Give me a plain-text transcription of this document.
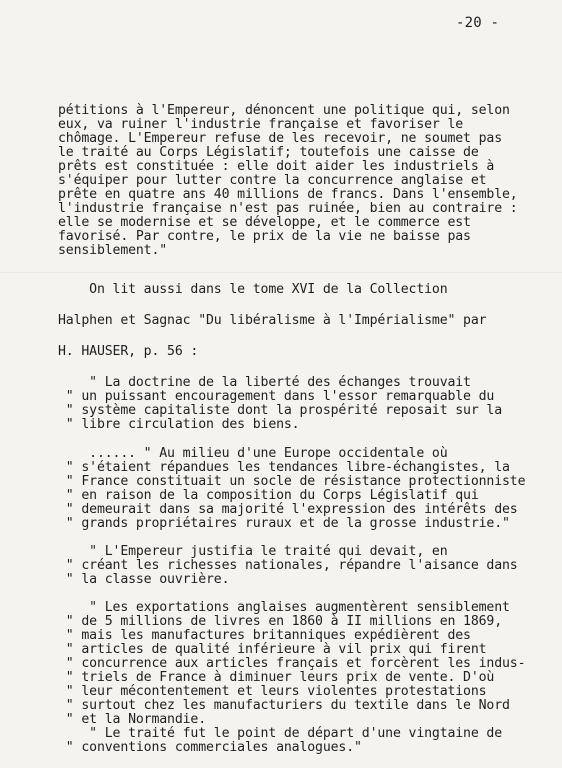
-20 -
pétitions à l'Empereur, dénoncent une politique qui, selon
eux, va ruiner l'industrie française et favoriser le
chômage. L'Empereur refuse de les recevoir, ne soumet pas
le traité au Corps Législatif; toutefois une caisse de
prêts est constituée : elle doit aider les industriels à
s'équiper pour lutter contre la concurrence anglaise et
prête en quatre ans 40 millions de francs. Dans l'ensemble,
l'industrie française n'est pas ruinée, bien au contraire :
elle se modernise et se développe, et le commerce est
favorisé. Par contre, le prix de la vie ne baisse pas
sensiblement."
On lit aussi dans le tome XVI de la Collection
Halphen et Sagnac "Du libéralisme à l'Impérialisme" par
H. HAUSER, p. 56 :
" La doctrine de la liberté des échanges trouvait
" un puissant encouragement dans l'essor remarquable du
" système capitaliste dont la prospérité reposait sur la
" libre circulation des biens.
...... " Au milieu d'une Europe occidentale où
" s'étaient répandues les tendances libre-échangistes, la
" France constituait un socle de résistance protectionniste
" en raison de la composition du Corps Législatif qui
" demeurait dans sa majorité l'expression des intérêts des
" grands propriétaires ruraux et de la grosse industrie."
" L'Empereur justifia le traité qui devait, en
" créant les richesses nationales, répandre l'aisance dans
" la classe ouvrière.
" Les exportations anglaises augmentèrent sensiblement
" de 5 millions de livres en 1860 à II millions en 1869,
" mais les manufactures britanniques expédièrent des
" articles de qualité inférieure à vil prix qui firent
" concurrence aux articles français et forcèrent les indus-
" triels de France à diminuer leurs prix de vente. D'où
" leur mécontentement et leurs violentes protestations
" surtout chez les manufacturiers du textile dans le Nord
" et la Normandie.
" Le traité fut le point de départ d'une vingtaine de
" conventions commerciales analogues."
